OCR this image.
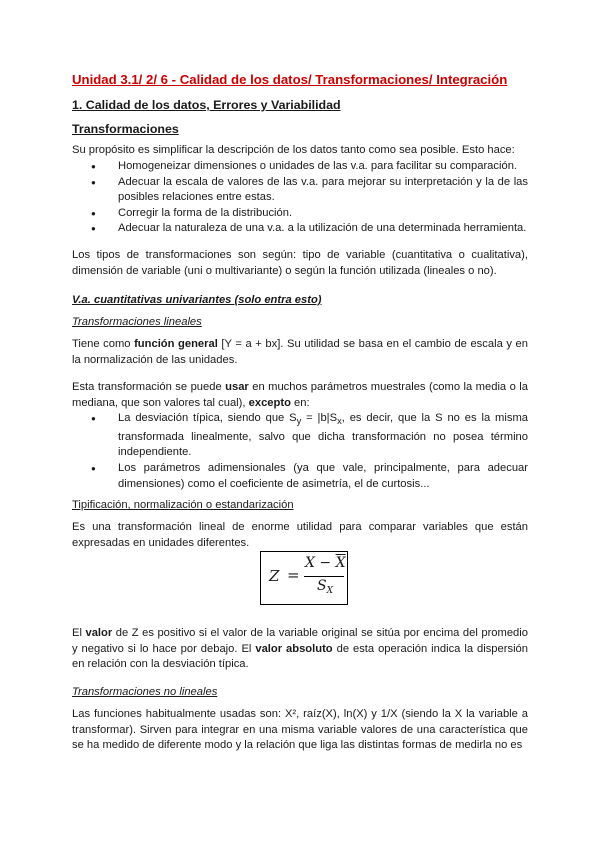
Unidad 3.1/ 2/ 6 - Calidad de los datos/ Transformaciones/ Integración
1. Calidad de los datos, Errores y Variabilidad
Transformaciones

Su propósito es simplificar la descripción de los datos tanto como sea posible. Esto hace:

● Homogeneizar dimensiones o unidades de las v.a. para facilitar su comparación.
● Adecuar la escala de valores de las v.a. para mejorar su interpretación y la de las posibles relaciones entre estas.
● Corregir la forma de la distribución.
● Adecuar la naturaleza de una v.a. a la utilización de una determinada herramienta.

Los tipos de transformaciones son según: tipo de variable (cuantitativa o cualitativa), dimensión de variable (uni o multivariante) o según la función utilizada (lineales o no).

V.a. cuantitativas univariantes (solo entra esto)
Transformaciones lineales

Tiene como función general [Y = a + bx]. Su utilidad se basa en el cambio de escala y en la normalización de las unidades.

Esta transformación se puede usar en muchos parámetros muestrales (como la media o la mediana, que son valores tal cual), excepto en:

● La desviación típica, siendo que $S_y = |b|S_x$, es decir, que la S no es la misma transformada linealmente, salvo que dicha transformación no posea término independiente.
● Los parámetros adimensionales (ya que vale, principalmente, para adecuar dimensiones) como el coeficiente de asimetría, el de curtosis...
Tipificación, normalización o estandarización

Es una transformación lineal de enorme utilidad para comparar variables que están expresadas en unidades diferentes.

Z =
$X - \overline{X}$
$S_X$

El valor de Z es positivo si el valor de la variable original se sitúa por encima del promedio y negativo si lo hace por debajo. El valor absoluto de esta operación indica la dispersión en relación con la desviación típica.

Transformaciones no lineales

Las funciones habitualmente usadas son: X², raíz(X), ln(X) y 1/X (siendo la X la variable a transformar). Sirven para integrar en una misma variable valores de una característica que se ha medido de diferente modo y la relación que liga las distintas formas de medirla no es
